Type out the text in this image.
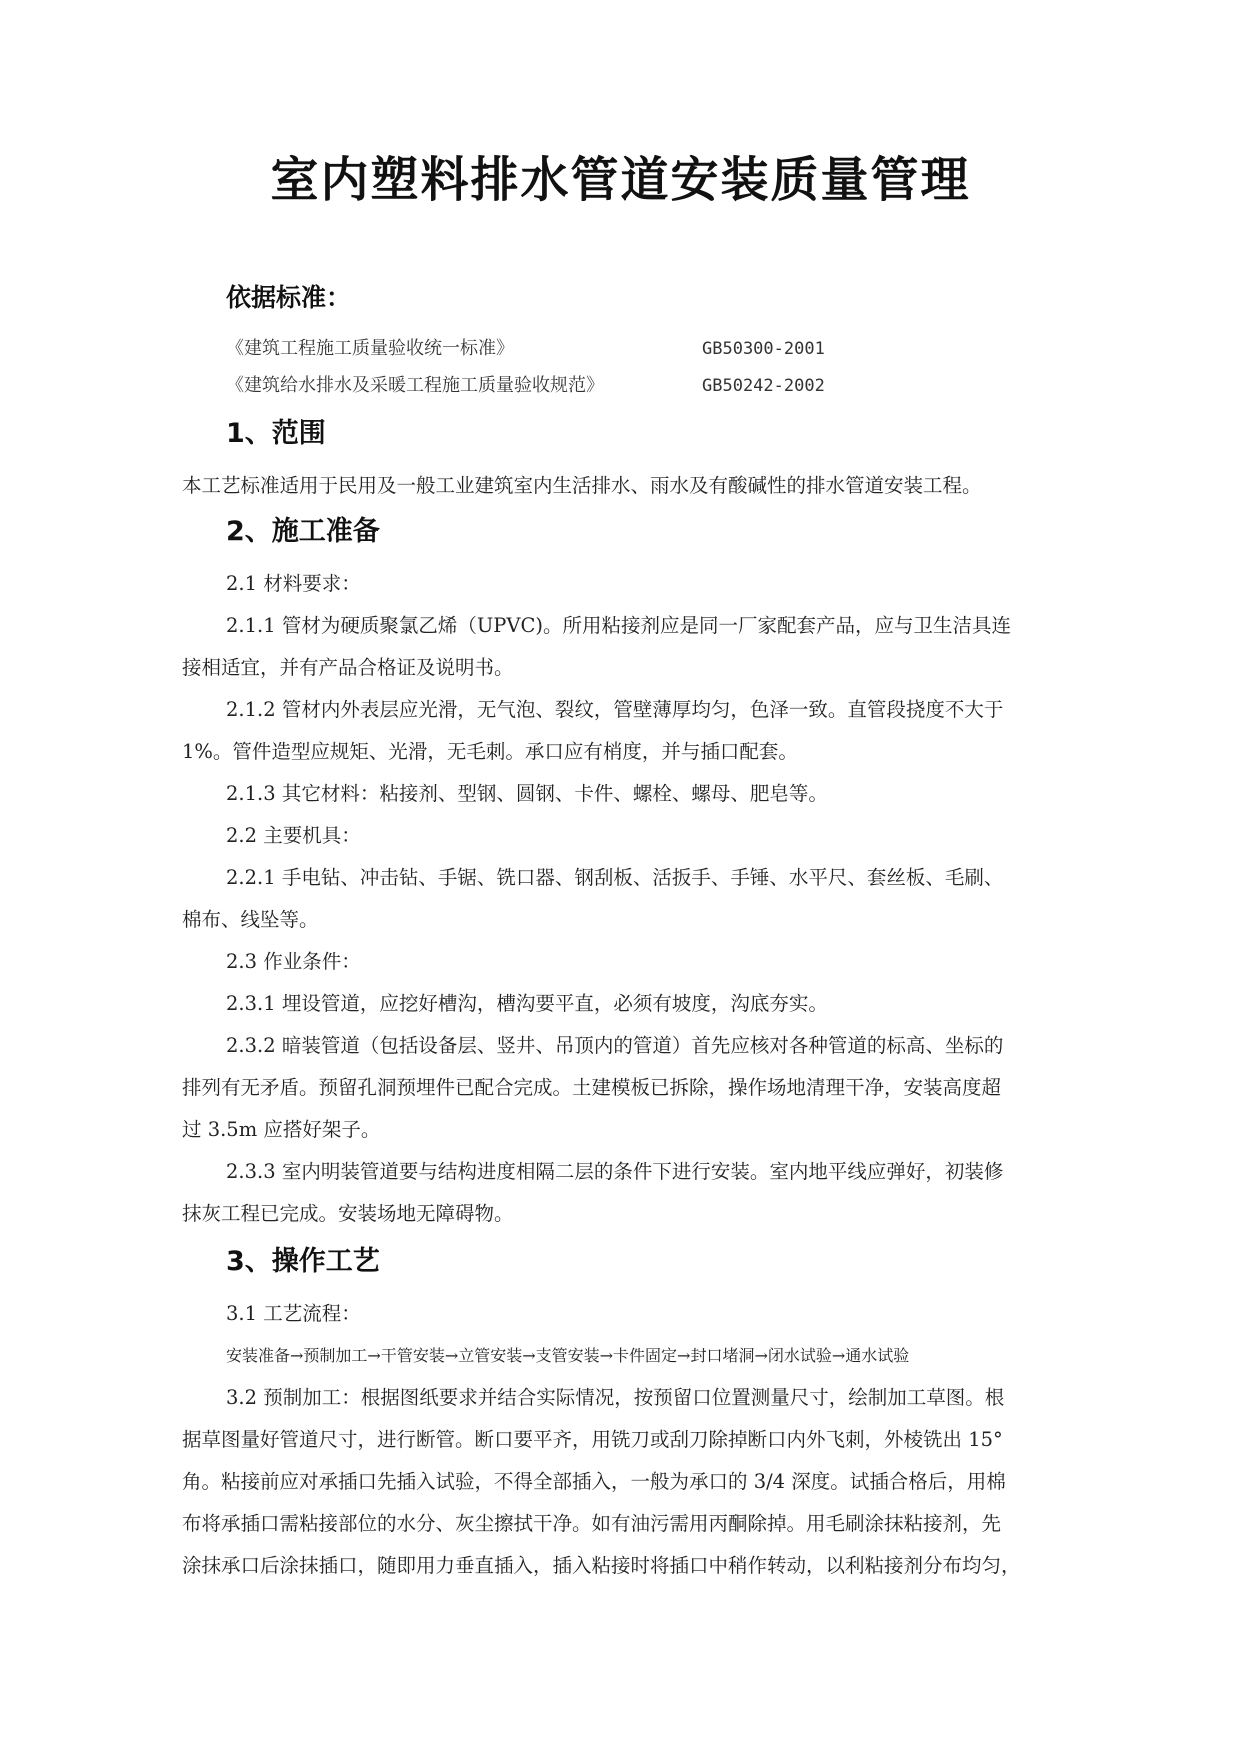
室内塑料排水管道安装质量管理
依据标准：
《建筑工程施工质量验收统一标准》	GB50300-2001
《建筑给水排水及采暖工程施工质量验收规范》	GB50242-2002
1、范围
本工艺标准适用于民用及一般工业建筑室内生活排水、雨水及有酸碱性的排水管道安装工程。
2、施工准备
2.1 材料要求：
2.1.1 管材为硬质聚氯乙烯（UPVC)。所用粘接剂应是同一厂家配套产品，应与卫生洁具连
接相适宜，并有产品合格证及说明书。
2.1.2 管材内外表层应光滑，无气泡、裂纹，管壁薄厚均匀，色泽一致。直管段挠度不大于
1%。管件造型应规矩、光滑，无毛刺。承口应有梢度，并与插口配套。
2.1.3 其它材料：粘接剂、型钢、圆钢、卡件、螺栓、螺母、肥皂等。
2.2 主要机具：
2.2.1 手电钻、冲击钻、手锯、铣口器、钢刮板、活扳手、手锤、水平尺、套丝板、毛刷、
棉布、线坠等。
2.3 作业条件：
2.3.1 埋设管道，应挖好槽沟，槽沟要平直，必须有坡度，沟底夯实。
2.3.2 暗装管道（包括设备层、竖井、吊顶内的管道）首先应核对各种管道的标高、坐标的
排列有无矛盾。预留孔洞预埋件已配合完成。土建模板已拆除，操作场地清理干净，安装高度超
过 3.5m 应搭好架子。
2.3.3 室内明装管道要与结构进度相隔二层的条件下进行安装。室内地平线应弹好，初装修
抹灰工程已完成。安装场地无障碍物。
3、操作工艺
3.1 工艺流程：
安装准备→预制加工→干管安装→立管安装→支管安装→卡件固定→封口堵洞→闭水试验→通水试验
3.2 预制加工：根据图纸要求并结合实际情况，按预留口位置测量尺寸，绘制加工草图。根
据草图量好管道尺寸，进行断管。断口要平齐，用铣刀或刮刀除掉断口内外飞刺，外棱铣出 15°
角。粘接前应对承插口先插入试验，不得全部插入，一般为承口的 3/4 深度。试插合格后，用棉
布将承插口需粘接部位的水分、灰尘擦拭干净。如有油污需用丙酮除掉。用毛刷涂抹粘接剂，先
涂抹承口后涂抹插口，随即用力垂直插入，插入粘接时将插口中稍作转动，以利粘接剂分布均匀，
